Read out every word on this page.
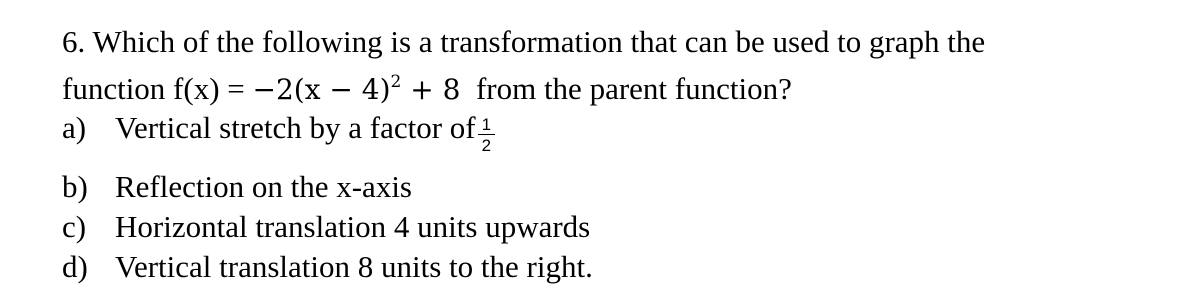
6. Which of the following is a transformation that can be used to graph the
function $f(x) = -2(x - 4)^2 + 8$ from the parent function?
a) Vertical stretch by a factor of $\frac{1}{2}$
b) Reflection on the x-axis
c) Horizontal translation 4 units upwards
d) Vertical translation 8 units to the right.
